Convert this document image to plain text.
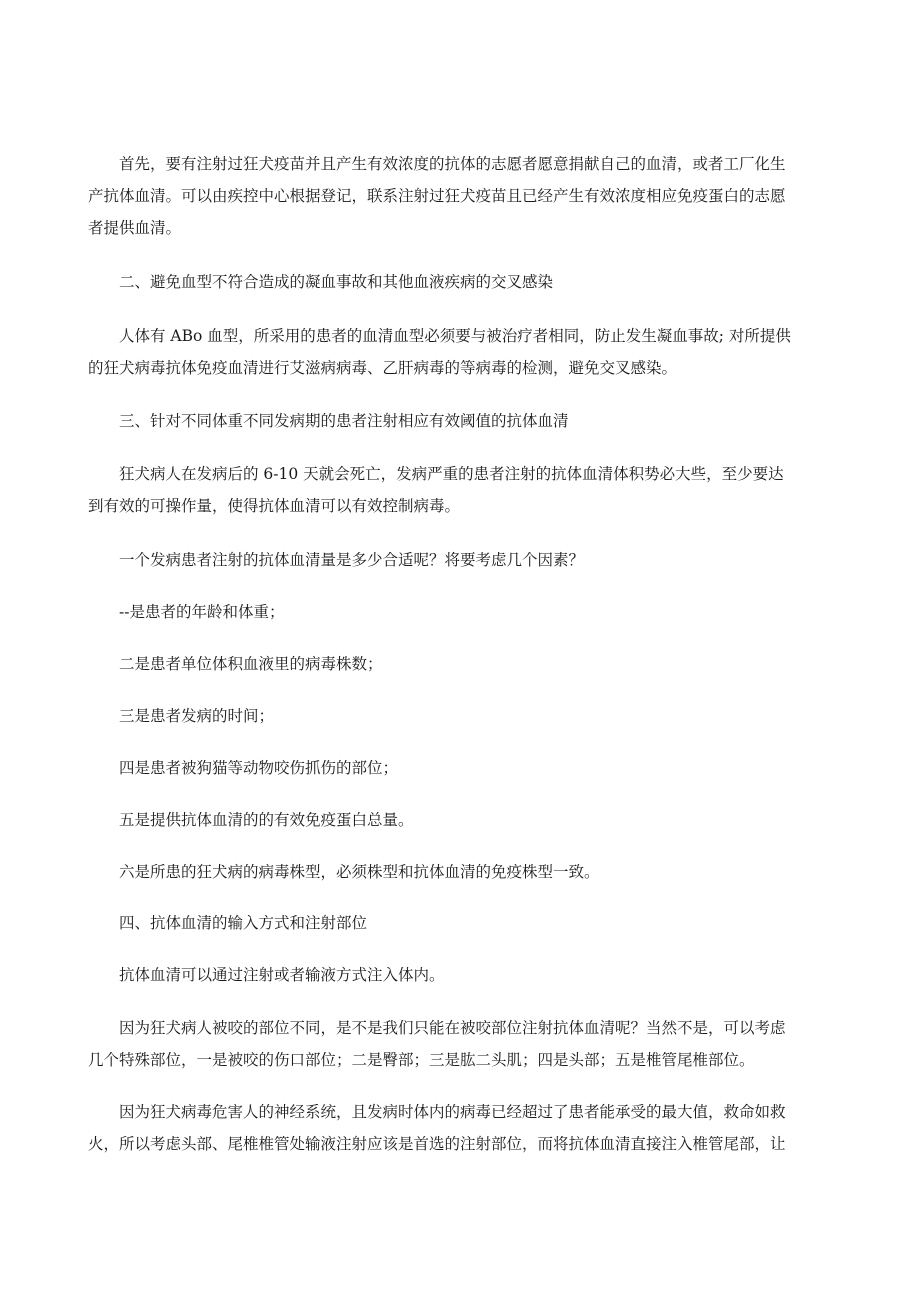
首先，要有注射过狂犬疫苗并且产生有效浓度的抗体的志愿者愿意捐献自己的血清，或者工厂化生
产抗体血清。可以由疾控中心根据登记，联系注射过狂犬疫苗且已经产生有效浓度相应免疫蛋白的志愿
者提供血清。
二、避免血型不符合造成的凝血事故和其他血液疾病的交叉感染
人体有 ABo 血型，所采用的患者的血清血型必须要与被治疗者相同，防止发生凝血事故; 对所提供
的狂犬病毒抗体免疫血清进行艾滋病病毒、乙肝病毒的等病毒的检测，避免交叉感染。
三、针对不同体重不同发病期的患者注射相应有效阈值的抗体血清
狂犬病人在发病后的 6-10 天就会死亡，发病严重的患者注射的抗体血清体积势必大些，至少要达
到有效的可操作量，使得抗体血清可以有效控制病毒。
一个发病患者注射的抗体血清量是多少合适呢？将要考虑几个因素？
--是患者的年龄和体重；
二是患者单位体积血液里的病毒株数；
三是患者发病的时间；
四是患者被狗猫等动物咬伤抓伤的部位；
五是提供抗体血清的的有效免疫蛋白总量。
六是所患的狂犬病的病毒株型，必须株型和抗体血清的免疫株型一致。
四、抗体血清的输入方式和注射部位
抗体血清可以通过注射或者输液方式注入体内。
因为狂犬病人被咬的部位不同，是不是我们只能在被咬部位注射抗体血清呢？当然不是，可以考虑
几个特殊部位，一是被咬的伤口部位；二是臀部；三是肱二头肌；四是头部；五是椎管尾椎部位。
因为狂犬病毒危害人的神经系统，且发病时体内的病毒已经超过了患者能承受的最大值，救命如救
火，所以考虑头部、尾椎椎管处输液注射应该是首选的注射部位，而将抗体血清直接注入椎管尾部，让
